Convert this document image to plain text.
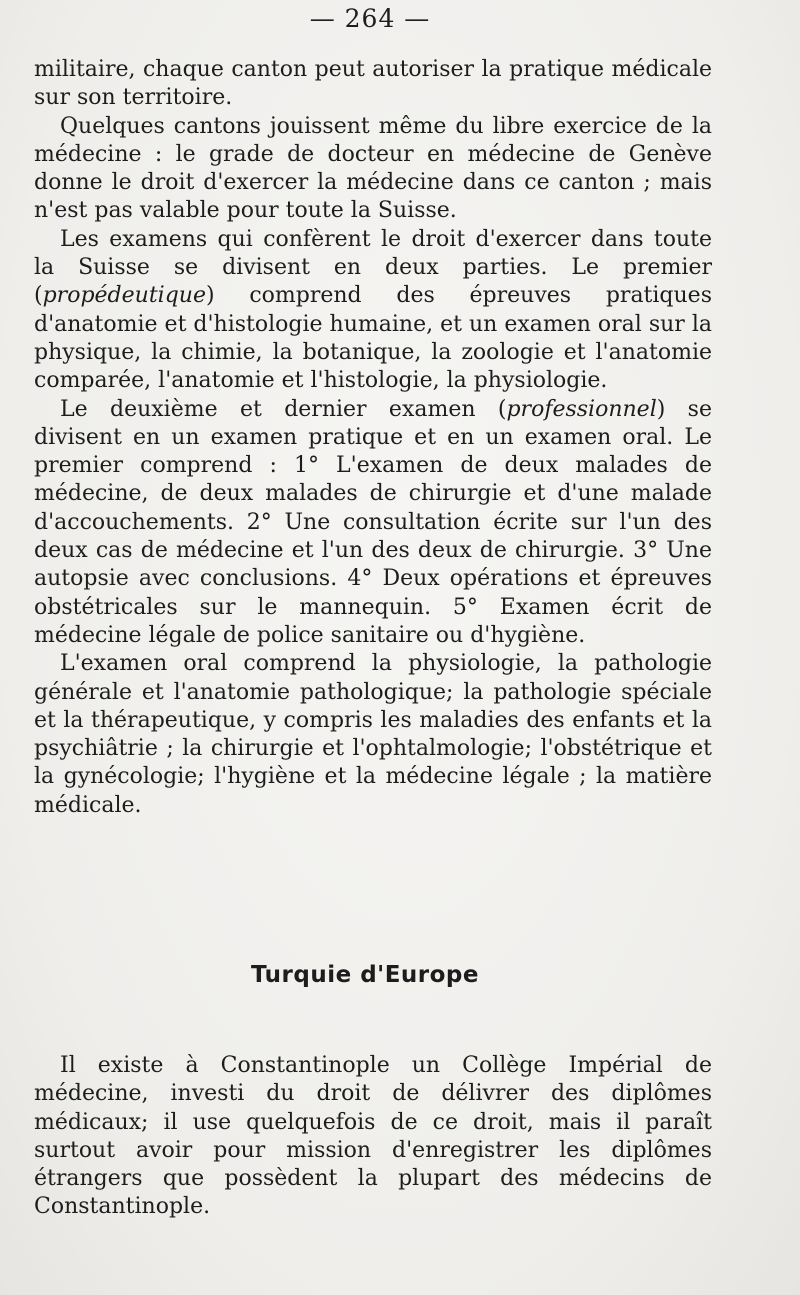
— 264 —

militaire, chaque canton peut autoriser la pratique médicale sur son territoire.

Quelques cantons jouissent même du libre exercice de la médecine : le grade de docteur en médecine de Genève donne le droit d'exercer la médecine dans ce canton ; mais n'est pas valable pour toute la Suisse.

Les examens qui confèrent le droit d'exercer dans toute la Suisse se divisent en deux parties. Le premier (propédeutique) comprend des épreuves pratiques d'anatomie et d'histologie humaine, et un examen oral sur la physique, la chimie, la botanique, la zoologie et l'anatomie comparée, l'anatomie et l'histologie, la physiologie.

Le deuxième et dernier examen (professionnel) se divisent en un examen pratique et en un examen oral. Le premier comprend : 1° L'examen de deux malades de médecine, de deux malades de chirurgie et d'une malade d'accouchements. 2° Une consultation écrite sur l'un des deux cas de médecine et l'un des deux de chirurgie. 3° Une autopsie avec conclusions. 4° Deux opérations et épreuves obstétricales sur le mannequin. 5° Examen écrit de médecine légale de police sanitaire ou d'hygiène.

L'examen oral comprend la physiologie, la pathologie générale et l'anatomie pathologique; la pathologie spéciale et la thérapeutique, y compris les maladies des enfants et la psychiâtrie ; la chirurgie et l'ophtalmologie; l'obstétrique et la gynécologie; l'hygiène et la médecine légale ; la matière médicale.

Turquie d'Europe

Il existe à Constantinople un Collège Impérial de médecine, investi du droit de délivrer des diplômes médicaux; il use quelquefois de ce droit, mais il paraît surtout avoir pour mission d'enregistrer les diplômes étrangers que possèdent la plupart des médecins de Constantinople.
